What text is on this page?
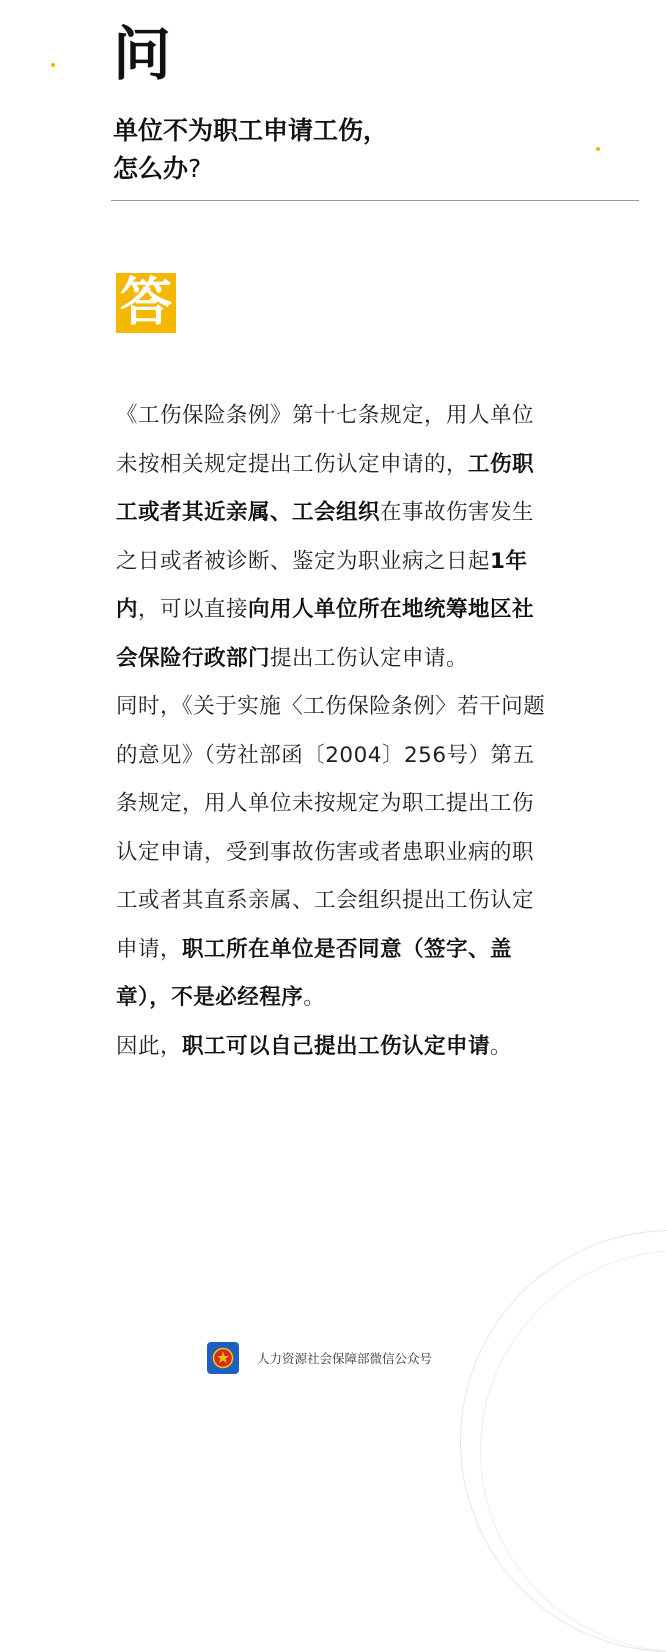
问
单位不为职工申请工伤，
怎么办?
答

《工伤保险条例》第十七条规定，用人单位未按相关规定提出工伤认定申请的，工伤职工或者其近亲属、工会组织在事故伤害发生之日或者被诊断、鉴定为职业病之日起1年内，可以直接向用人单位所在地统筹地区社会保险行政部门提出工伤认定申请。

同时，《关于实施〈工伤保险条例〉若干问题的意见》（劳社部函〔2004〕256号）第五条规定，用人单位未按规定为职工提出工伤认定申请，受到事故伤害或者患职业病的职工或者其直系亲属、工会组织提出工伤认定申请，职工所在单位是否同意（签字、盖章），不是必经程序。

因此，职工可以自己提出工伤认定申请。

人力资源社会保障部微信公众号
